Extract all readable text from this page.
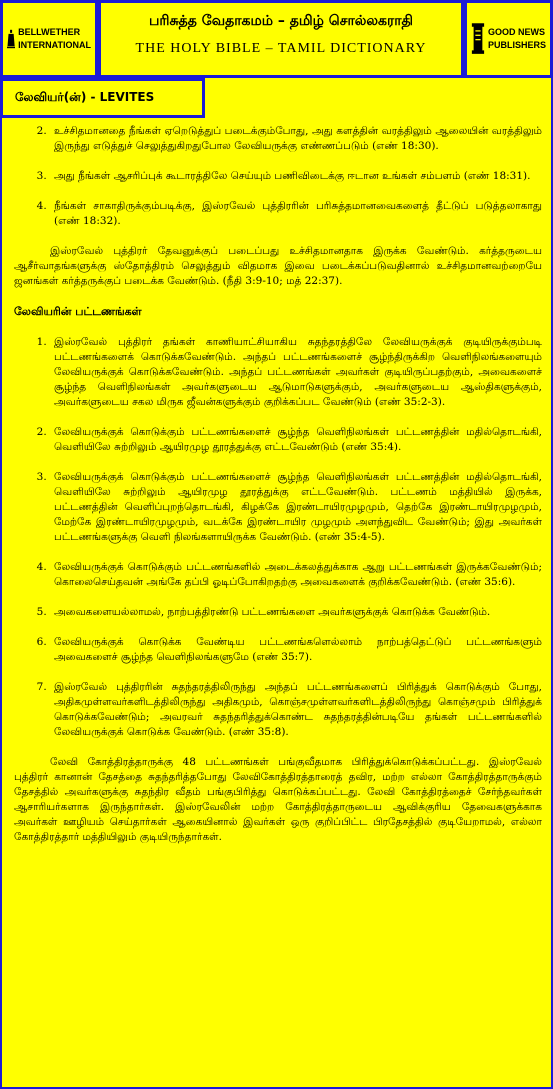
BELLWETHER
INTERNATIONAL
பரிசுத்த வேதாகமம் – தமிழ் சொல்லகராதி
THE HOLY BIBLE – TAMIL DICTIONARY
GOOD NEWS
PUBLISHERS
லேவியர்(ன்) - LEVITES
2. உச்சிதமானதை நீங்கள் ஏறெடுத்துப் படைக்கும்போது, அது களத்தின் வரத்திலும் ஆலையின் வரத்திலும் இருந்து எடுத்துச் செலுத்துகிறதுபோல லேவியருக்கு எண்ணப்படும் (எண் 18:30).
3. அது நீங்கள் ஆசரிப்புக் கூடாரத்திலே செய்யும் பணிவிடைக்கு ஈடான உங்கள் சம்பளம் (எண் 18:31).
4. நீங்கள் சாகாதிருக்கும்படிக்கு, இஸ்ரவேல் புத்திரரின் பரிசுத்தமானவைகளைத் தீட்டுப் படுத்தலாகாது (எண் 18:32).

இஸ்ரவேல் புத்திரர் தேவனுக்குப் படைப்பது உச்சிதமானதாக இருக்க வேண்டும். கர்த்தருடைய ஆசீர்வாதங்களுக்கு ஸ்தோத்திரம் செலுத்தும் விதமாக இவை படைக்கப்படுவதினால் உச்சிதமானவற்றையே ஜனங்கள் கர்த்தருக்குப் படைக்க வேண்டும். (நீதி 3:9-10; மத் 22:37).

லேவியரின் பட்டணங்கள்
1. இஸ்ரவேல் புத்திரர் தங்கள் காணியாட்சியாகிய சுதந்தரத்திலே லேவியருக்குக் குடியிருக்கும்படி பட்டணங்களைக் கொடுக்கவேண்டும். அந்தப் பட்டணங்களைச் சூழ்ந்திருக்கிற வெளிநிலங்களையும் லேவியருக்குக் கொடுக்கவேண்டும். அந்தப் பட்டணங்கள் அவர்கள் குடியிருப்பதற்கும், அவைகளைச் சூழ்ந்த வெளிநிலங்கள் அவர்களுடைய ஆடுமாடுகளுக்கும், அவர்களுடைய ஆஸ்திகளுக்கும், அவர்களுடைய சகல மிருக ஜீவன்களுக்கும் குறிக்கப்பட வேண்டும் (எண் 35:2-3).
2. லேவியருக்குக் கொடுக்கும் பட்டணங்களைச் சூழ்ந்த வெளிநிலங்கள் பட்டணத்தின் மதில்தொடங்கி, வெளியிலே சுற்றிலும் ஆயிரமுழ தூரத்துக்கு எட்டவேண்டும் (எண் 35:4).
3. லேவியருக்குக் கொடுக்கும் பட்டணங்களைச் சூழ்ந்த வெளிநிலங்கள் பட்டணத்தின் மதில்தொடங்கி, வெளியிலே சுற்றிலும் ஆயிரமுழ தூரத்துக்கு எட்டவேண்டும். பட்டணம் மத்தியில் இருக்க, பட்டணத்தின் வெளிப்புறந்தொடங்கி, கிழக்கே இரண்டாயிரமுழமும், தெற்கே இரண்டாயிரமுழமும், மேற்கே இரண்டாயிரமுழமும், வடக்கே இரண்டாயிர முழமும் அளந்துவிட வேண்டும்; இது அவர்கள் பட்டணங்களுக்கு வெளி நிலங்களாயிருக்க வேண்டும். (எண் 35:4-5).
4. லேவியருக்குக் கொடுக்கும் பட்டணங்களில் அடைக்கலத்துக்காக ஆறு பட்டணங்கள் இருக்கவேண்டும்; கொலைசெய்தவன் அங்கே தப்பி ஓடிப்போகிறதற்கு அவைகளைக் குறிக்கவேண்டும். (எண் 35:6).
5. அவைகளையல்லாமல், நாற்பத்திரண்டு பட்டணங்களை அவர்களுக்குக் கொடுக்க வேண்டும்.
6. லேவியருக்குக் கொடுக்க வேண்டிய பட்டணங்களெல்லாம் நாற்பத்தெட்டுப் பட்டணங்களும் அவைகளைச் சூழ்ந்த வெளிநிலங்களுமே (எண் 35:7).
7. இஸ்ரவேல் புத்திரரின் சுதந்தரத்திலிருந்து அந்தப் பட்டணங்களைப் பிரித்துக் கொடுக்கும் போது, அதிகமுள்ளவர்களிடத்திலிருந்து அதிகமும், கொஞ்சமுள்ளவர்களிடத்திலிருந்து கொஞ்சமும் பிரித்துக் கொடுக்கவேண்டும்; அவரவர் சுதந்தரித்துக்கொண்ட சுதந்தரத்தின்படியே தங்கள் பட்டணங்களில் லேவியருக்குக் கொடுக்க வேண்டும். (எண் 35:8).

லேவி கோத்திரத்தாருக்கு 48 பட்டணங்கள் பங்குவீதமாக பிரித்துக்கொடுக்கப்பட்டது. இஸ்ரவேல் புத்திரர் கானான் தேசத்தை சுதந்தரித்தபோது லேவிகோத்திரத்தாரைத் தவிர, மற்ற எல்லா கோத்திரத்தாருக்கும் தேசத்தில் அவர்களுக்கு சுதந்திர வீதம் பங்குபிரித்து கொடுக்கப்பட்டது. லேவி கோத்திரத்தைச் சேர்ந்தவர்கள் ஆசாரியர்களாக இருந்தார்கள். இஸ்ரவேலின் மற்ற கோத்திரத்தாருடைய ஆவிக்குரிய தேவைகளுக்காக அவர்கள் ஊழியம் செய்தார்கள் ஆகையினால் இவர்கள் ஒரு குறிப்பிட்ட பிரதேசத்தில் குடியேறாமல், எல்லா கோத்திரத்தார் மத்தியிலும் குடியிருந்தார்கள்.
